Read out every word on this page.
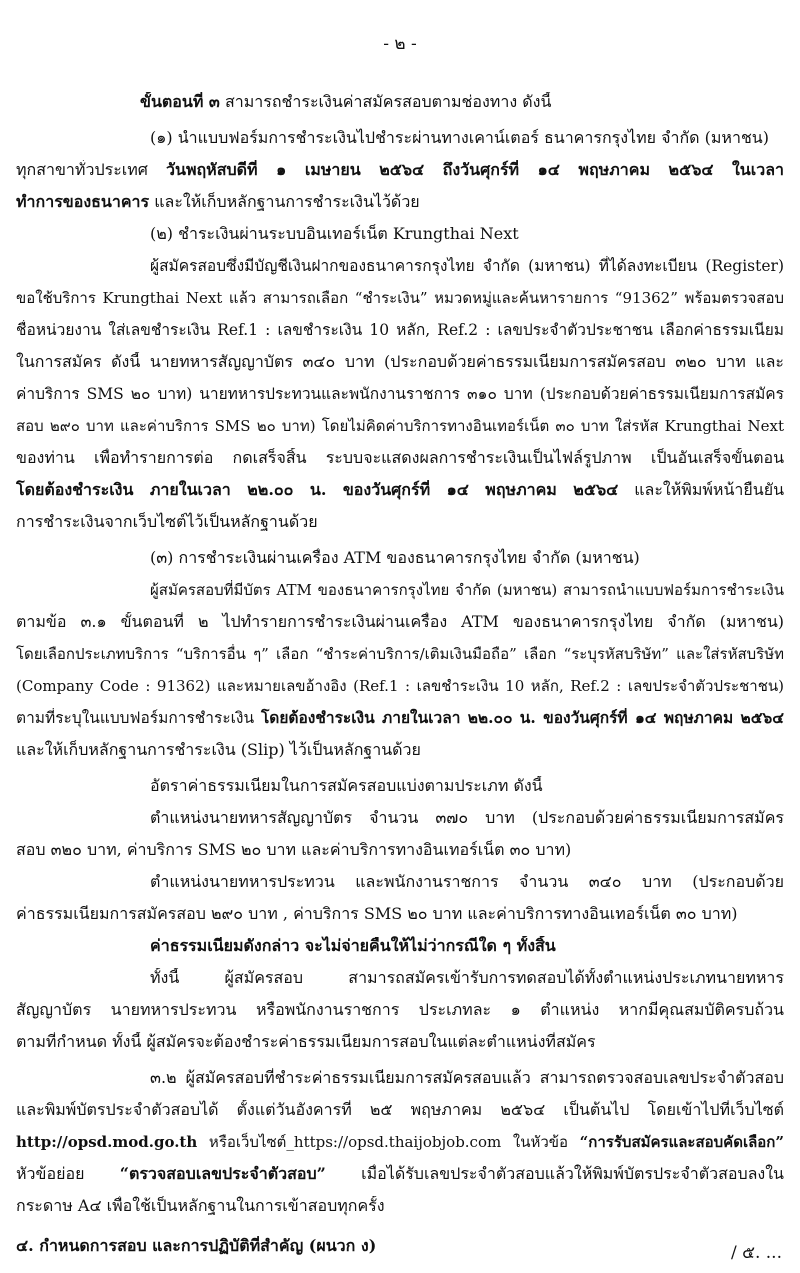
- ๒ -
ขั้นตอนที่ ๓ สามารถชำระเงินค่าสมัครสอบตามช่องทาง ดังนี้
(๑) นำแบบฟอร์มการชำระเงินไปชำระผ่านทางเคาน์เตอร์ ธนาคารกรุงไทย จำกัด (มหาชน)
ทุกสาขาทั่วประเทศ วันพฤหัสบดีที่ ๑ เมษายน ๒๕๖๔ ถึงวันศุกร์ที่ ๑๔ พฤษภาคม ๒๕๖๔ ในเวลา
ทำการของธนาคาร และให้เก็บหลักฐานการชำระเงินไว้ด้วย
(๒) ชำระเงินผ่านระบบอินเทอร์เน็ต Krungthai Next
ผู้สมัครสอบซึ่งมีบัญชีเงินฝากของธนาคารกรุงไทย จำกัด (มหาชน) ที่ได้ลงทะเบียน (Register)
ขอใช้บริการ Krungthai Next แล้ว สามารถเลือก “ชำระเงิน” หมวดหมู่และค้นหารายการ “91362” พร้อมตรวจสอบ
ชื่อหน่วยงาน ใส่เลขชำระเงิน Ref.1 : เลขชำระเงิน 10 หลัก, Ref.2 : เลขประจำตัวประชาชน เลือกค่าธรรมเนียม
ในการสมัคร ดังนี้ นายทหารสัญญาบัตร ๓๔๐ บาท (ประกอบด้วยค่าธรรมเนียมการสมัครสอบ ๓๒๐ บาท และ
ค่าบริการ SMS ๒๐ บาท) นายทหารประทวนและพนักงานราชการ ๓๑๐ บาท (ประกอบด้วยค่าธรรมเนียมการสมัคร
สอบ ๒๙๐ บาท และค่าบริการ SMS ๒๐ บาท) โดยไม่คิดค่าบริการทางอินเทอร์เน็ต ๓๐ บาท ใส่รหัส Krungthai Next
ของท่าน เพื่อทำรายการต่อ กดเสร็จสิ้น ระบบจะแสดงผลการชำระเงินเป็นไฟล์รูปภาพ เป็นอันเสร็จขั้นตอน
โดยต้องชำระเงิน ภายในเวลา ๒๒.๐๐ น. ของวันศุกร์ที่ ๑๔ พฤษภาคม ๒๕๖๔ และให้พิมพ์หน้ายืนยัน
การชำระเงินจากเว็บไซต์ไว้เป็นหลักฐานด้วย
(๓) การชำระเงินผ่านเครื่อง ATM ของธนาคารกรุงไทย จำกัด (มหาชน)
ผู้สมัครสอบที่มีบัตร ATM ของธนาคารกรุงไทย จำกัด (มหาชน) สามารถนำแบบฟอร์มการชำระเงิน
ตามข้อ ๓.๑ ขั้นตอนที่ ๒ ไปทำรายการชำระเงินผ่านเครื่อง ATM ของธนาคารกรุงไทย จำกัด (มหาชน)
โดยเลือกประเภทบริการ “บริการอื่น ๆ” เลือก “ชำระค่าบริการ/เติมเงินมือถือ” เลือก “ระบุรหัสบริษัท” และใส่รหัสบริษัท
(Company Code : 91362) และหมายเลขอ้างอิง (Ref.1 : เลขชำระเงิน 10 หลัก, Ref.2 : เลขประจำตัวประชาชน)
ตามที่ระบุในแบบฟอร์มการชำระเงิน โดยต้องชำระเงิน ภายในเวลา ๒๒.๐๐ น. ของวันศุกร์ที่ ๑๔ พฤษภาคม ๒๕๖๔
และให้เก็บหลักฐานการชำระเงิน (Slip) ไว้เป็นหลักฐานด้วย
อัตราค่าธรรมเนียมในการสมัครสอบแบ่งตามประเภท ดังนี้
ตำแหน่งนายทหารสัญญาบัตร จำนวน ๓๗๐ บาท (ประกอบด้วยค่าธรรมเนียมการสมัคร
สอบ ๓๒๐ บาท, ค่าบริการ SMS ๒๐ บาท และค่าบริการทางอินเทอร์เน็ต ๓๐ บาท)
ตำแหน่งนายทหารประทวน และพนักงานราชการ จำนวน ๓๔๐ บาท (ประกอบด้วย
ค่าธรรมเนียมการสมัครสอบ ๒๙๐ บาท , ค่าบริการ SMS ๒๐ บาท และค่าบริการทางอินเทอร์เน็ต ๓๐ บาท)
ค่าธรรมเนียมดังกล่าว จะไม่จ่ายคืนให้ไม่ว่ากรณีใด ๆ ทั้งสิ้น
ทั้งนี้ ผู้สมัครสอบ สามารถสมัครเข้ารับการทดสอบได้ทั้งตำแหน่งประเภทนายทหาร
สัญญาบัตร นายทหารประทวน หรือพนักงานราชการ ประเภทละ ๑ ตำแหน่ง หากมีคุณสมบัติครบถ้วน
ตามที่กำหนด ทั้งนี้ ผู้สมัครจะต้องชำระค่าธรรมเนียมการสอบในแต่ละตำแหน่งที่สมัคร
๓.๒ ผู้สมัครสอบที่ชำระค่าธรรมเนียมการสมัครสอบแล้ว สามารถตรวจสอบเลขประจำตัวสอบ
และพิมพ์บัตรประจำตัวสอบได้ ตั้งแต่วันอังคารที่ ๒๕ พฤษภาคม ๒๕๖๔ เป็นต้นไป โดยเข้าไปที่เว็บไซต์
http://opsd.mod.go.th หรือเว็บไซต์_https://opsd.thaijobjob.com ในหัวข้อ “การรับสมัครและสอบคัดเลือก”
หัวข้อย่อย “ตรวจสอบเลขประจำตัวสอบ” เมื่อได้รับเลขประจำตัวสอบแล้วให้พิมพ์บัตรประจำตัวสอบลงใน
กระดาษ A๔ เพื่อใช้เป็นหลักฐานในการเข้าสอบทุกครั้ง
๔. กำหนดการสอบ และการปฏิบัติที่สำคัญ (ผนวก ง)	/ ๕. ...
